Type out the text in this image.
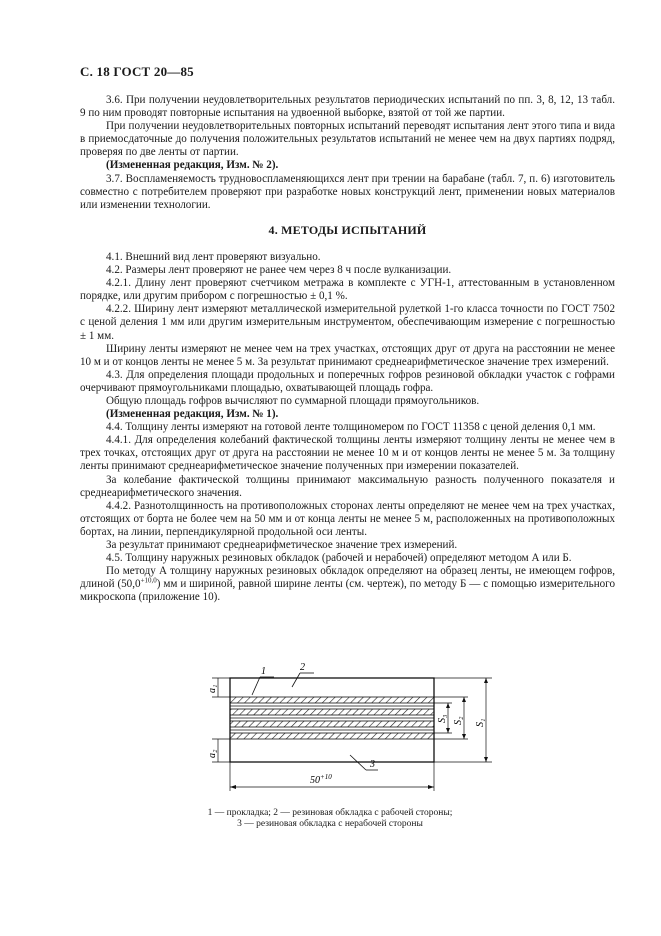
С. 18 ГОСТ 20—85

3.6. При получении неудовлетворительных результатов периодических испытаний по пп. 3, 8, 12, 13 табл. 9 по ним проводят повторные испытания на удвоенной выборке, взятой от той же партии.

При получении неудовлетворительных повторных испытаний переводят испытания лент этого типа и вида в приемосдаточные до получения положительных результатов испытаний не менее чем на двух партиях подряд, проверяя по две ленты от партии.

(Измененная редакция, Изм. № 2).

3.7. Воспламеняемость трудновоспламеняющихся лент при трении на барабане (табл. 7, п. 6) изготовитель совместно с потребителем проверяют при разработке новых конструкций лент, применении новых материалов или изменении технологии.

4. МЕТОДЫ ИСПЫТАНИЙ

4.1. Внешний вид лент проверяют визуально.

4.2. Размеры лент проверяют не ранее чем через 8 ч после вулканизации.

4.2.1. Длину лент проверяют счетчиком метража в комплекте с УГН-1, аттестованным в установленном порядке, или другим прибором с погрешностью ± 0,1 %.

4.2.2. Ширину лент измеряют металлической измерительной рулеткой 1-го класса точности по ГОСТ 7502 с ценой деления 1 мм или другим измерительным инструментом, обеспечивающим измерение с погрешностью ± 1 мм.

Ширину ленты измеряют не менее чем на трех участках, отстоящих друг от друга на расстоянии не менее 10 м и от концов ленты не менее 5 м. За результат принимают среднеарифметическое значение трех измерений.

4.3. Для определения площади продольных и поперечных гофров резиновой обкладки участок с гофрами очерчивают прямоугольниками площадью, охватывающей площадь гофра.

Общую площадь гофров вычисляют по суммарной площади прямоугольников.

(Измененная редакция, Изм. № 1).

4.4. Толщину ленты измеряют на готовой ленте толщиномером по ГОСТ 11358 с ценой деления 0,1 мм.

4.4.1. Для определения колебаний фактической толщины ленты измеряют толщину ленты не менее чем в трех точках, отстоящих друг от друга на расстоянии не менее 10 м и от концов ленты не менее 5 м. За толщину ленты принимают среднеарифметическое значение полученных при измерении показателей.

За колебание фактической толщины принимают максимальную разность полученного показателя и среднеарифметического значения.

4.4.2. Разнотолщинность на противоположных сторонах ленты определяют не менее чем на трех участках, отстоящих от борта не более чем на 50 мм и от конца ленты не менее 5 м, расположенных на противоположных бортах, на линии, перпендикулярной продольной оси ленты.

За результат принимают среднеарифметическое значение трех измерений.

4.5. Толщину наружных резиновых обкладок (рабочей и нерабочей) определяют методом А или Б.

По методу А толщину наружных резиновых обкладок определяют на образец ленты, не имеющем гофров, длиной $(50,0^{+10,0})$ мм и шириной, равной ширине ленты (см. чертеж), по методу Б — с помощью измерительного микроскопа (приложение 10).

1	2
3
a₁
a₂
S₃ S₂ S₁
$50^{+10}$
1 — прокладка; 2 — резиновая обкладка с рабочей стороны;
3 — резиновая обкладка с нерабочей стороны
